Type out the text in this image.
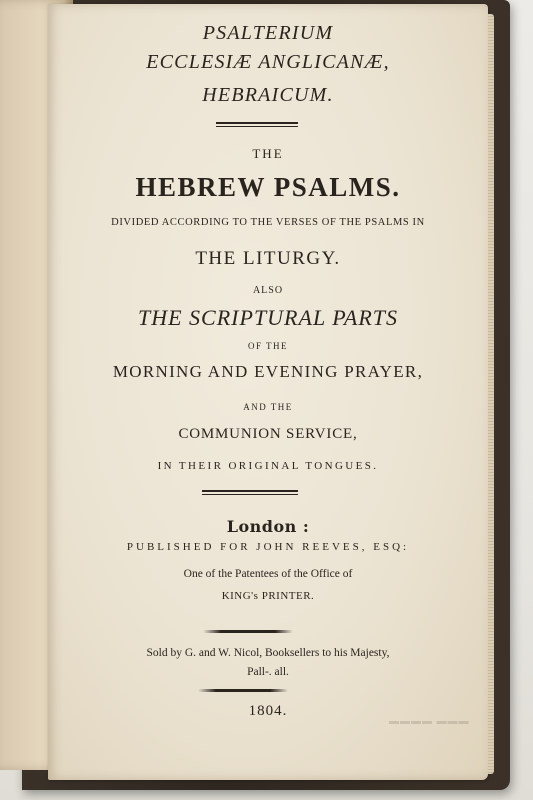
PSALTERIUM
ECCLESIÆ ANGLICANÆ,
HEBRAICUM.
THE
HEBREW PSALMS.
DIVIDED ACCORDING TO THE VERSES OF THE PSALMS IN
THE LITURGY.
ALSO
THE SCRIPTURAL PARTS
OF THE
MORNING AND EVENING PRAYER,
AND THE
COMMUNION SERVICE,
IN THEIR ORIGINAL TONGUES.
London :
PUBLISHED FOR JOHN REEVES, ESQ:
One of the Patentees of the Office of
KING's PRINTER.
Sold by G. and W. Nicol, Booksellers to his Majesty,
Pall-. all.
1804.
▬▬▬ ▬▬▬▬
